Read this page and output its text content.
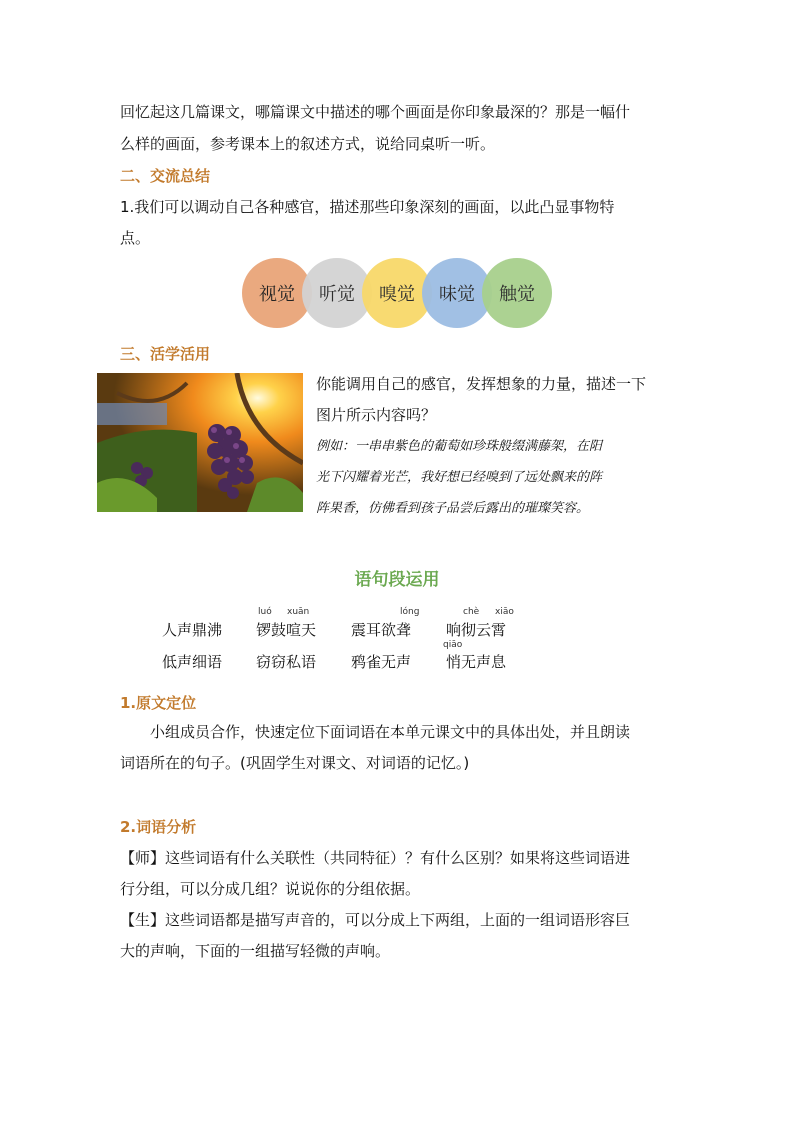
回忆起这几篇课文，哪篇课文中描述的哪个画面是你印象最深的？那是一幅什
么样的画面，参考课本上的叙述方式，说给同桌听一听。
二、交流总结
1.我们可以调动自己各种感官，描述那些印象深刻的画面，以此凸显事物特
点。
视觉 听觉 嗅觉 味觉 触觉
三、活学活用
你能调用自己的感官，发挥想象的力量，描述一下
图片所示内容吗？
例如：一串串紫色的葡萄如珍珠般缀满藤架，在阳
光下闪耀着光芒，我好想已经嗅到了远处飘来的阵
阵果香，仿佛看到孩子品尝后露出的璀璨笑容。
语句段运用
luó xuān	lóng	chè xiāo
qiāo
人声鼎沸 锣鼓喧天 震耳欲聋 响彻云霄
低声细语 窃窃私语 鸦雀无声 悄无声息
1.原文定位
小组成员合作，快速定位下面词语在本单元课文中的具体出处，并且朗读
词语所在的句子。(巩固学生对课文、对词语的记忆。)
2.词语分析
【师】这些词语有什么关联性（共同特征）？有什么区别？如果将这些词语进
行分组，可以分成几组？说说你的分组依据。
【生】这些词语都是描写声音的，可以分成上下两组，上面的一组词语形容巨
大的声响，下面的一组描写轻微的声响。
